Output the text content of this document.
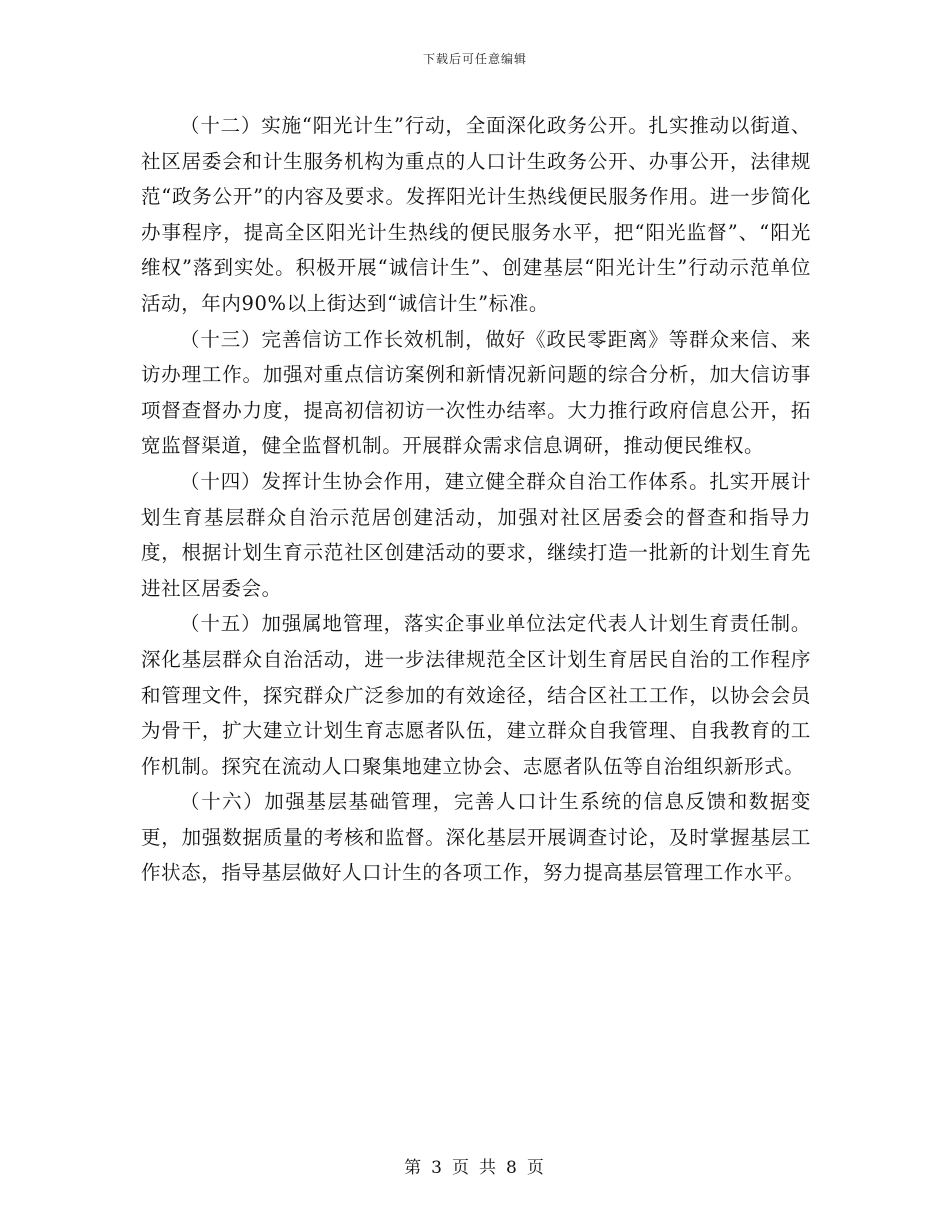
下载后可任意编辑

（十二）实施“阳光计生”行动，全面深化政务公开。扎实推动以街道、社区居委会和计生服务机构为重点的人口计生政务公开、办事公开，法律规范“政务公开”的内容及要求。发挥阳光计生热线便民服务作用。进一步简化办事程序，提高全区阳光计生热线的便民服务水平，把“阳光监督”、“阳光维权”落到实处。积极开展“诚信计生”、创建基层“阳光计生”行动示范单位活动，年内90%以上街达到“诚信计生”标准。

（十三）完善信访工作长效机制，做好《政民零距离》等群众来信、来访办理工作。加强对重点信访案例和新情况新问题的综合分析，加大信访事项督查督办力度，提高初信初访一次性办结率。大力推行政府信息公开，拓宽监督渠道，健全监督机制。开展群众需求信息调研，推动便民维权。

（十四）发挥计生协会作用，建立健全群众自治工作体系。扎实开展计划生育基层群众自治示范居创建活动，加强对社区居委会的督查和指导力度，根据计划生育示范社区创建活动的要求，继续打造一批新的计划生育先进社区居委会。

（十五）加强属地管理，落实企事业单位法定代表人计划生育责任制。深化基层群众自治活动，进一步法律规范全区计划生育居民自治的工作程序和管理文件，探究群众广泛参加的有效途径，结合区社工工作，以协会会员为骨干，扩大建立计划生育志愿者队伍，建立群众自我管理、自我教育的工作机制。探究在流动人口聚集地建立协会、志愿者队伍等自治组织新形式。

（十六）加强基层基础管理，完善人口计生系统的信息反馈和数据变更，加强数据质量的考核和监督。深化基层开展调查讨论，及时掌握基层工作状态，指导基层做好人口计生的各项工作，努力提高基层管理工作水平。

第 3 页 共 8 页
